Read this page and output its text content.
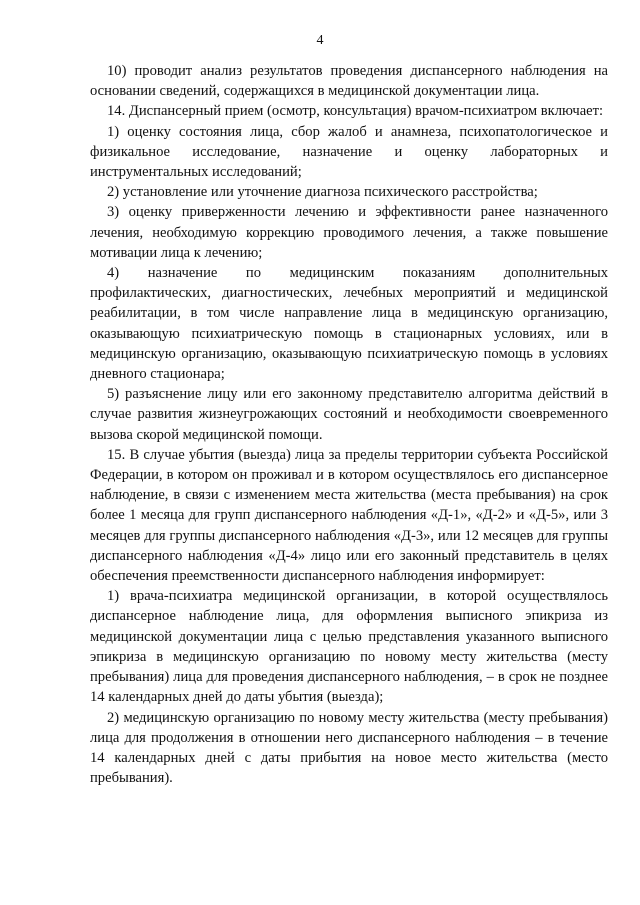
4

10) проводит анализ результатов проведения диспансерного наблюдения на основании сведений, содержащихся в медицинской документации лица.

14. Диспансерный прием (осмотр, консультация) врачом-психиатром включает:

1) оценку состояния лица, сбор жалоб и анамнеза, психопатологическое и физикальное исследование, назначение и оценку лабораторных и инструментальных исследований;

2) установление или уточнение диагноза психического расстройства;

3) оценку приверженности лечению и эффективности ранее назначенного лечения, необходимую коррекцию проводимого лечения, а также повышение мотивации лица к лечению;

4) назначение по медицинским показаниям дополнительных профилактических, диагностических, лечебных мероприятий и медицинской реабилитации, в том числе направление лица в медицинскую организацию, оказывающую психиатрическую помощь в стационарных условиях, или в медицинскую организацию, оказывающую психиатрическую помощь в условиях дневного стационара;

5) разъяснение лицу или его законному представителю алгоритма действий в случае развития жизнеугрожающих состояний и необходимости своевременного вызова скорой медицинской помощи.

15. В случае убытия (выезда) лица за пределы территории субъекта Российской Федерации, в котором он проживал и в котором осуществлялось его диспансерное наблюдение, в связи с изменением места жительства (места пребывания) на срок более 1 месяца для групп диспансерного наблюдения «Д-1», «Д-2» и «Д-5», или 3 месяцев для группы диспансерного наблюдения «Д-3», или 12 месяцев для группы диспансерного наблюдения «Д-4» лицо или его законный представитель в целях обеспечения преемственности диспансерного наблюдения информирует:

1) врача-психиатра медицинской организации, в которой осуществлялось диспансерное наблюдение лица, для оформления выписного эпикриза из медицинской документации лица с целью представления указанного выписного эпикриза в медицинскую организацию по новому месту жительства (месту пребывания) лица для проведения диспансерного наблюдения, – в срок не позднее 14 календарных дней до даты убытия (выезда);

2) медицинскую организацию по новому месту жительства (месту пребывания) лица для продолжения в отношении него диспансерного наблюдения – в течение 14 календарных дней с даты прибытия на новое место жительства (место пребывания).
